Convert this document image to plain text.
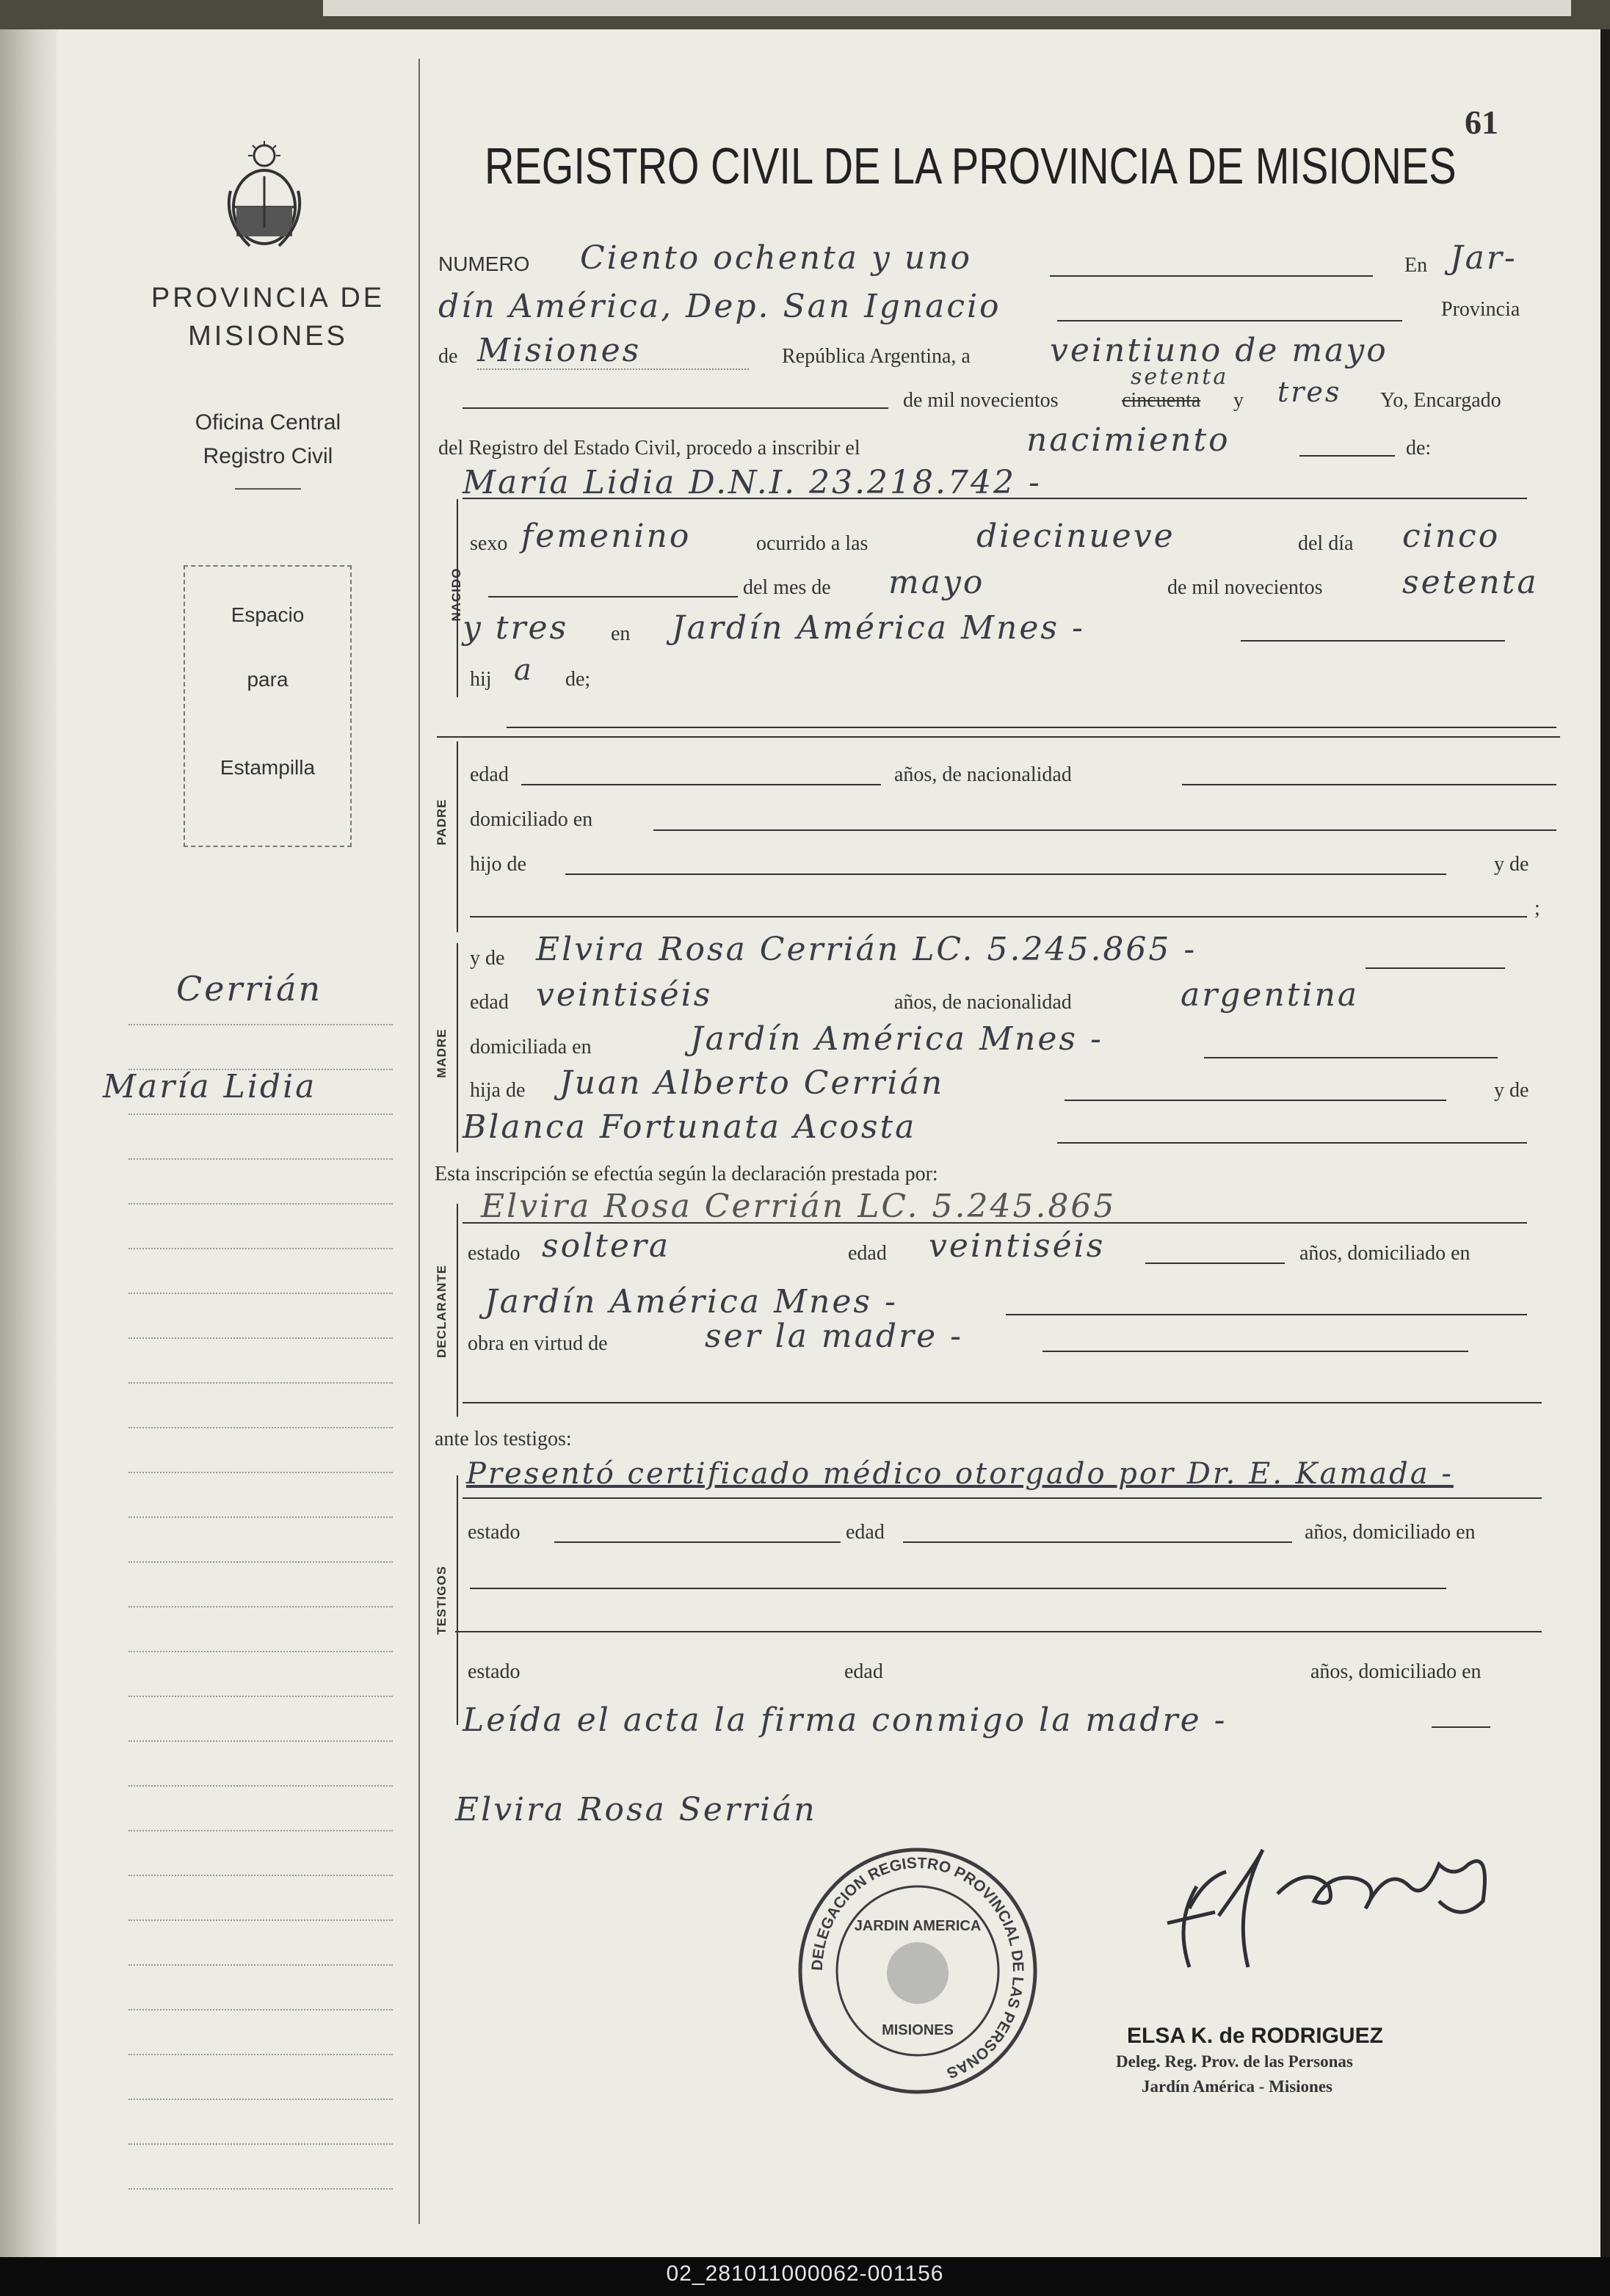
PROVINCIA DE
MISIONES
Oficina Central
Registro Civil
Espacio
para
Estampilla
Cerrián
María Lidia
61
REGISTRO CIVIL DE LA PROVINCIA DE MISIONES
NUMERO Ciento ochenta y uno	En Jar-
dín América, Dep. San Ignacio	Provincia
de Misiones	República Argentina, a veintiuno de mayo
de mil novecientos	cincuenta
setenta
y tres Yo, Encargado
del Registro del Estado Civil, procedo a inscribir el	nacimiento	de:
NACIDO
María Lidia D.N.I. 23.218.742 -
sexo femenino	ocurrido a las	diecinueve	del día cinco
del mes de mayo	de mil novecientos setenta
y tres en Jardín América Mnes -
hij a de;
PADRE
edad	años, de nacionalidad
domiciliado en
hijo de	y de
;
MADRE
y de Elvira Rosa Cerrián LC. 5.245.865 -
edad veintiséis	años, de nacionalidad	argentina
domiciliada en	Jardín América Mnes -
hija de Juan Alberto Cerrián	y de
Blanca Fortunata Acosta
Esta inscripción se efectúa según la declaración prestada por:
DECLARANTE
Elvira Rosa Cerrián LC. 5.245.865
estado soltera	edad veintiséis	años, domiciliado en
Jardín América Mnes -
obra en virtud de	ser la madre -
ante los testigos:
TESTIGOS
Presentó certificado médico otorgado por Dr. E. Kamada -
estado	edad	años, domiciliado en
estado	edad	años, domiciliado en
Leída el acta la firma conmigo la madre -
Elvira Rosa Serrián
DELEGACION REGISTRO PROVINCIAL DE LAS PERSONAS
JARDIN AMERICA
MISIONES	ELSA K. de RODRIGUEZ
Deleg. Reg. Prov. de las Personas
Jardín América - Misiones
02_281011000062-001156
